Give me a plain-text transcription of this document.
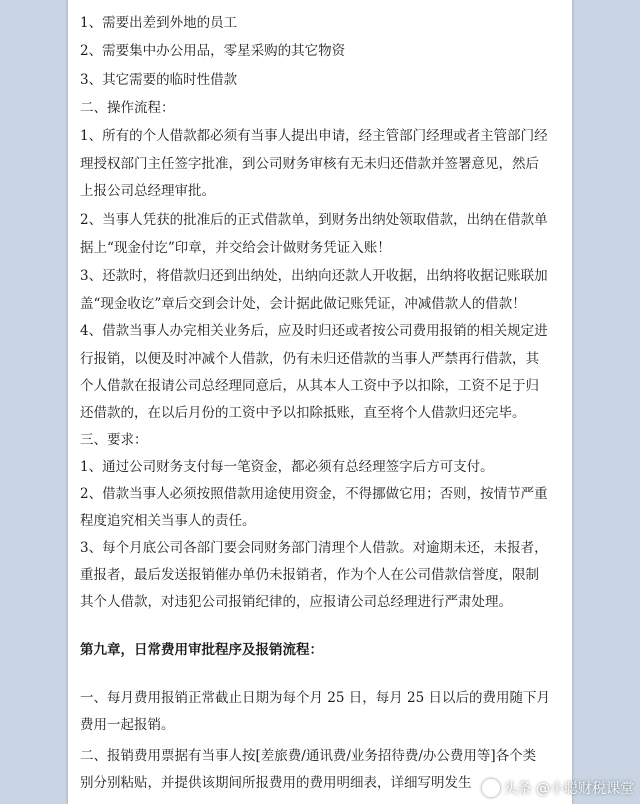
1、需要出差到外地的员工
2、需要集中办公用品，零星采购的其它物资
3、其它需要的临时性借款
二、操作流程：
1、所有的个人借款都必须有当事人提出申请，经主管部门经理或者主管部门经
理授权部门主任签字批准，到公司财务审核有无未归还借款并签署意见，然后
上报公司总经理审批。
2、当事人凭获的批准后的正式借款单，到财务出纳处领取借款，出纳在借款单
据上“现金付讫”印章，并交给会计做财务凭证入账！
3、还款时，将借款归还到出纳处，出纳向还款人开收据，出纳将收据记账联加
盖“现金收讫”章后交到会计处，会计据此做记账凭证，冲减借款人的借款！
4、借款当事人办完相关业务后，应及时归还或者按公司费用报销的相关规定进
行报销，以便及时冲减个人借款，仍有未归还借款的当事人严禁再行借款，其
个人借款在报请公司总经理同意后，从其本人工资中予以扣除，工资不足于归
还借款的，在以后月份的工资中予以扣除抵账，直至将个人借款归还完毕。
三、要求：
1、通过公司财务支付每一笔资金，都必须有总经理签字后方可支付。
2、借款当事人必须按照借款用途使用资金，不得挪做它用；否则，按情节严重
程度追究相关当事人的责任。
3、每个月底公司各部门要会同财务部门清理个人借款。对逾期未还，未报者，
重报者，最后发送报销催办单仍未报销者，作为个人在公司借款信誉度，限制
其个人借款，对违犯公司报销纪律的，应报请公司总经理进行严肃处理。
第九章，日常费用审批程序及报销流程：
一、每月费用报销正常截止日期为每个月 25 日，每月 25 日以后的费用随下月
费用一起报销。
二、报销费用票据有当事人按[差旅费/通讯费/业务招待费/办公费用等]各个类
别分别粘贴，并提供该期间所报费用的费用明细表，详细写明发生 头条 @小聪财税课堂
